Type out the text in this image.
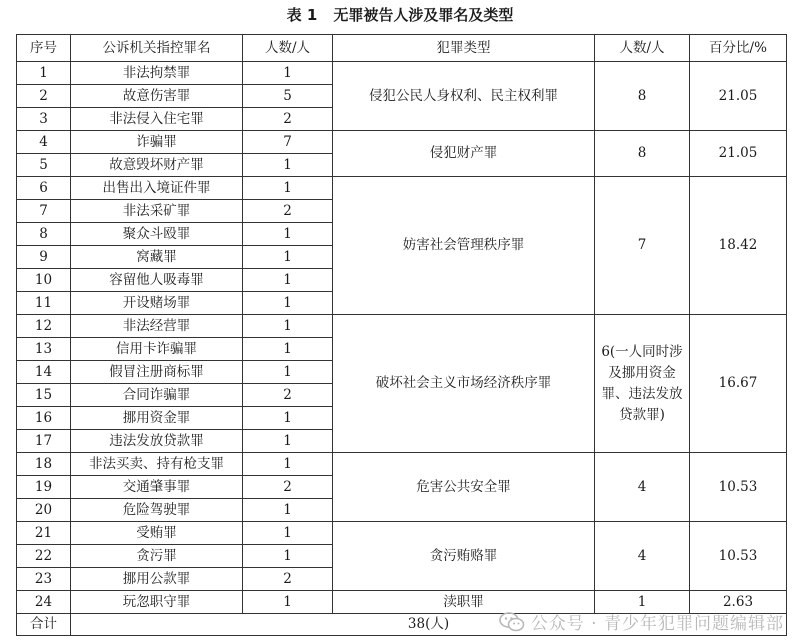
表 1 无罪被告人涉及罪名及类型
序号	公诉机关指控罪名	人数/人	犯罪类型	人数/人	百分比/%
1	非法拘禁罪	1	侵犯公民人身权利、民主权利罪	8	21.05
2	故意伤害罪	5			
3	非法侵入住宅罪	2			
4	诈骗罪	7	侵犯财产罪	8	21.05
5	故意毁坏财产罪	1			
6	出售出入境证件罪	1	妨害社会管理秩序罪	7	18.42
7	非法采矿罪	2			
8	聚众斗殴罪	1			
9	窝藏罪	1			
10	容留他人吸毒罪	1			
11	开设赌场罪	1			
12	非法经营罪	1	破坏社会主义市场经济秩序罪	6(一人同时涉及挪用资金罪、违法发放贷款罪)	16.67
13	信用卡诈骗罪	1			
14	假冒注册商标罪	1			
15	合同诈骗罪	2			
16	挪用资金罪	1			
17	违法发放贷款罪	1			
18	非法买卖、持有枪支罪	1	危害公共安全罪	4	10.53
19	交通肇事罪	2			
20	危险驾驶罪	1			
21	受贿罪	1	贪污贿赂罪	4	10.53
22	贪污罪	1			
23	挪用公款罪	2			
24	玩忽职守罪	1	渎职罪	1	2.63
合计	38(人)					公众号 · 青少年犯罪问题编辑部
